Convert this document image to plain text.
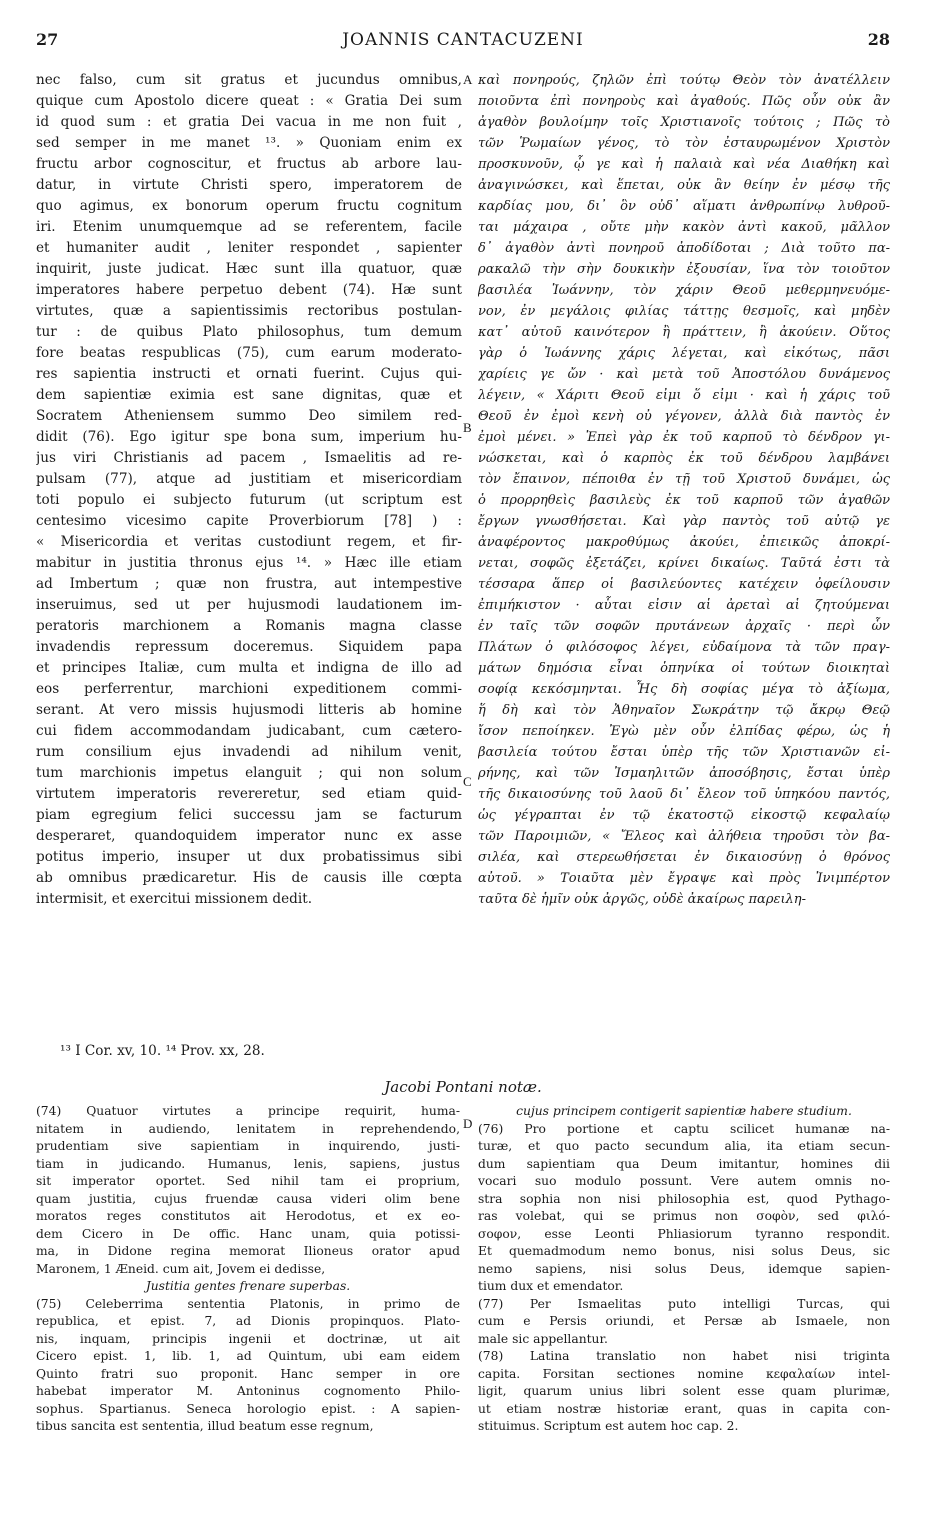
27	JOANNIS CANTACUZENI	28
nec falso, cum sit gratus et jucundus omnibus,
quique cum Apostolo dicere queat : « Gratia Dei sum
id quod sum : et gratia Dei vacua in me non fuit ,
sed semper in me manet ¹³. » Quoniam enim ex
fructu arbor cognoscitur, et fructus ab arbore lau-
datur, in virtute Christi spero, imperatorem de
quo agimus, ex bonorum operum fructu cognitum
iri. Etenim unumquemque ad se referentem, facile
et humaniter audit , leniter respondet , sapienter
inquirit, juste judicat. Hæc sunt illa quatuor, quæ
imperatores habere perpetuo debent (74). Hæ sunt
virtutes, quæ a sapientissimis rectoribus postulan-
tur : de quibus Plato philosophus, tum demum
fore beatas respublicas (75), cum earum moderato-
res sapientia instructi et ornati fuerint. Cujus qui-
dem sapientiæ eximia est sane dignitas, quæ et
Socratem Atheniensem summo Deo similem red-
didit (76). Ego igitur spe bona sum, imperium hu-
jus viri Christianis ad pacem , Ismaelitis ad re-
pulsam (77), atque ad justitiam et misericordiam
toti populo ei subjecto futurum (ut scriptum est
centesimo vicesimo capite Proverbiorum [78] ) :
« Misericordia et veritas custodiunt regem, et fir-
mabitur in justitia thronus ejus ¹⁴. » Hæc ille etiam
ad Imbertum ; quæ non frustra, aut intempestive
inseruimus, sed ut per hujusmodi laudationem im-
peratoris marchionem a Romanis magna classe
invadendis repressum doceremus. Siquidem papa
et principes Italiæ, cum multa et indigna de illo ad
eos perferrentur, marchioni expeditionem commi-
serant. At vero missis hujusmodi litteris ab homine
cui fidem accommodandam judicabant, cum cætero-
rum consilium ejus invadendi ad nihilum venit,
tum marchionis impetus elanguit ; qui non solum
virtutem imperatoris revereretur, sed etiam quid-
piam egregium felici successu jam se facturum
desperaret, quandoquidem imperator nunc ex asse
potitus imperio, insuper ut dux probatissimus sibi
ab omnibus prædicaretur. His de causis ille cœpta
intermisit, et exercitui missionem dedit.
καὶ πονηρούς, ζηλῶν ἐπὶ τούτῳ Θεὸν τὸν ἀνατέλλειν
ποιοῦντα ἐπὶ πονηροὺς καὶ ἀγαθούς. Πῶς οὖν οὐκ ἂν
ἀγαθὸν βουλοίμην τοῖς Χριστιανοῖς τούτοις ; Πῶς τὸ
τῶν Ῥωμαίων γένος, τὸ τὸν ἐσταυρωμένον Χριστὸν
προσκυνοῦν, ᾧ γε καὶ ἡ παλαιὰ καὶ νέα Διαθήκη καὶ
ἀναγινώσκει, καὶ ἕπεται, οὐκ ἂν θείην ἐν μέσῳ τῆς
καρδίας μου, δι᾽ ὃν οὐδ᾽ αἵματι ἀνθρωπίνῳ λυθροῦ-
ται μάχαιρα , οὔτε μὴν κακὸν ἀντὶ κακοῦ, μᾶλλον
δ᾽ ἀγαθὸν ἀντὶ πονηροῦ ἀποδίδοται ; Διὰ τοῦτο πα-
ρακαλῶ τὴν σὴν δουκικὴν ἐξουσίαν, ἵνα τὸν τοιοῦτον
βασιλέα Ἰωάννην, τὸν χάριν Θεοῦ μεθερμηνευόμε-
νον, ἐν μεγάλοις φιλίας τάττῃς θεσμοῖς, καὶ μηδὲν
κατ᾽ αὐτοῦ καινότερον ἢ πράττειν, ἢ ἀκούειν. Οὕτος
γὰρ ὁ Ἰωάννης χάρις λέγεται, καὶ εἰκότως, πᾶσι
χαρίεις γε ὤν · καὶ μετὰ τοῦ Ἀποστόλου δυνάμενος
λέγειν, « Χάριτι Θεοῦ εἰμι ὅ εἰμι · καὶ ἡ χάρις τοῦ
Θεοῦ ἐν ἐμοὶ κενὴ οὐ γέγονεν, ἀλλὰ διὰ παντὸς ἐν
ἐμοὶ μένει. » Ἐπεὶ γὰρ ἐκ τοῦ καρποῦ τὸ δένδρον γι-
νώσκεται, καὶ ὁ καρπὸς ἐκ τοῦ δένδρου λαμβάνει
τὸν ἔπαινον, πέποιθα ἐν τῇ τοῦ Χριστοῦ δυνάμει, ὡς
ὁ προρρηθεὶς βασιλεὺς ἐκ τοῦ καρποῦ τῶν ἀγαθῶν
ἔργων γνωσθήσεται. Καὶ γὰρ παντὸς τοῦ αὐτῷ γε
ἀναφέροντος μακροθύμως ἀκούει, ἐπιεικῶς ἀποκρί-
νεται, σοφῶς ἐξετάζει, κρίνει δικαίως. Ταῦτά ἐστι τὰ
τέσσαρα ἅπερ οἱ βασιλεύοντες κατέχειν ὀφείλουσιν
ἐπιμήκιστον · αὗται εἰσιν αἱ ἀρεταὶ αἱ ζητούμεναι
ἐν ταῖς τῶν σοφῶν πρυτάνεων ἀρχαῖς · περὶ ὧν
Πλάτων ὁ φιλόσοφος λέγει, εὐδαίμονα τὰ τῶν πραγ-
μάτων δημόσια εἶναι ὁπηνίκα οἱ τούτων διοικηταὶ
σοφίᾳ κεκόσμηνται. Ἧς δὴ σοφίας μέγα τὸ ἀξίωμα,
ἥ δὴ καὶ τὸν Ἀθηναῖον Σωκράτην τῷ ἄκρῳ Θεῷ
ἴσον πεποίηκεν. Ἐγὼ μὲν οὖν ἐλπίδας φέρω, ὡς ἡ
βασιλεία τούτου ἔσται ὑπὲρ τῆς τῶν Χριστιανῶν εἰ-
ρήνης, καὶ τῶν Ἰσμαηλιτῶν ἀποσόβησις, ἔσται ὑπὲρ
τῆς δικαιοσύνης τοῦ λαοῦ δι᾽ ἔλεον τοῦ ὑπηκόου παντός,
ὡς γέγραπται ἐν τῷ ἑκατοστῷ εἰκοστῷ κεφαλαίῳ
τῶν Παροιμιῶν, « Ἔλεος καὶ ἀλήθεια τηροῦσι τὸν βα-
σιλέα, καὶ στερεωθήσεται ἐν δικαιοσύνῃ ὁ θρόνος
αὐτοῦ. » Τοιαῦτα μὲν ἔγραψε καὶ πρὸς Ἰνιμπέρτον
ταῦτα δὲ ἡμῖν οὐκ ἀργῶς, οὐδὲ ἀκαίρως παρειλη-
A
B
C
D
¹³ I Cor. xv, 10. ¹⁴ Prov. xx, 28.
Jacobi Pontani notæ.
(74) Quatuor virtutes a principe requirit, huma-
nitatem in audiendo, lenitatem in reprehendendo,
prudentiam sive sapientiam in inquirendo, justi-
tiam in judicando. Humanus, lenis, sapiens, justus
sit imperator oportet. Sed nihil tam ei proprium,
quam justitia, cujus fruendæ causa videri olim bene
moratos reges constitutos ait Herodotus, et ex eo-
dem Cicero in De offic. Hanc unam, quia potissi-
ma, in Didone regina memorat Ilioneus orator apud
Maronem, 1 Æneid. cum ait, Jovem ei dedisse,
Justitia gentes frenare superbas.
(75) Celeberrima sententia Platonis, in primo de
republica, et epist. 7, ad Dionis propinquos. Plato-
nis, inquam, principis ingenii et doctrinæ, ut ait
Cicero epist. 1, lib. 1, ad Quintum, ubi eam eidem
Quinto fratri suo proponit. Hanc semper in ore
habebat imperator M. Antoninus cognomento Philo-
sophus. Spartianus. Seneca horologio epist. : A sapien-
tibus sancita est sententia, illud beatum esse regnum,
cujus principem contigerit sapientiæ habere studium.
(76) Pro portione et captu scilicet humanæ na-
turæ, et quo pacto secundum alia, ita etiam secun-
dum sapientiam qua Deum imitantur, homines dii
vocari suo modulo possunt. Vere autem omnis no-
stra sophia non nisi philosophia est, quod Pythago-
ras volebat, qui se primus non σοφὸν, sed φιλό-
σοφον, esse Leonti Phliasiorum tyranno respondit.
Et quemadmodum nemo bonus, nisi solus Deus, sic
nemo sapiens, nisi solus Deus, idemque sapien-
tium dux et emendator.
(77) Per Ismaelitas puto intelligi Turcas, qui
cum e Persis oriundi, et Persæ ab Ismaele, non
male sic appellantur.
(78) Latina translatio non habet nisi triginta
capita. Forsitan sectiones nomine κεφαλαίων intel-
ligit, quarum unius libri solent esse quam plurimæ,
ut etiam nostræ historiæ erant, quas in capita con-
stituimus. Scriptum est autem hoc cap. 2.
